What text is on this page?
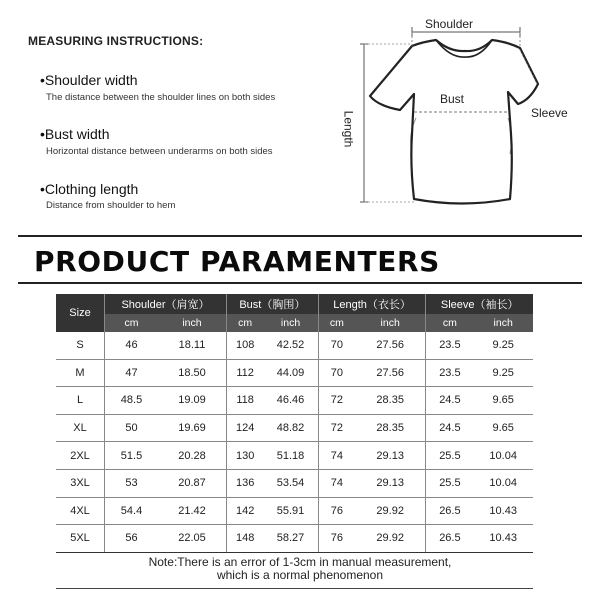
MEASURING INSTRUCTIONS:
•Shoulder width
The distance between the shoulder lines on both sides
•Bust width
Horizontal distance between underarms on both sides
•Clothing length
Distance from shoulder to hem
Shoulder
Bust
Sleeve
Length
PRODUCT PARAMENTERS
Size	Shoulder（肩宽）		Bust（胸围）		Length（衣长）		Sleeve（袖长）	
	cm	inch	cm	inch	cm	inch	cm	inch
S	46	18.11	108	42.52	70	27.56	23.5	9.25
M	47	18.50	112	44.09	70	27.56	23.5	9.25
L	48.5	19.09	118	46.46	72	28.35	24.5	9.65
XL	50	19.69	124	48.82	72	28.35	24.5	9.65
2XL	51.5	20.28	130	51.18	74	29.13	25.5	10.04
3XL	53	20.87	136	53.54	74	29.13	25.5	10.04
4XL	54.4	21.42	142	55.91	76	29.92	26.5	10.43
5XL	56	22.05	148	58.27	76	29.92	26.5	10.43
Note:There is an error of 1-3cm in manual measurement,
which is a normal phenomenon
